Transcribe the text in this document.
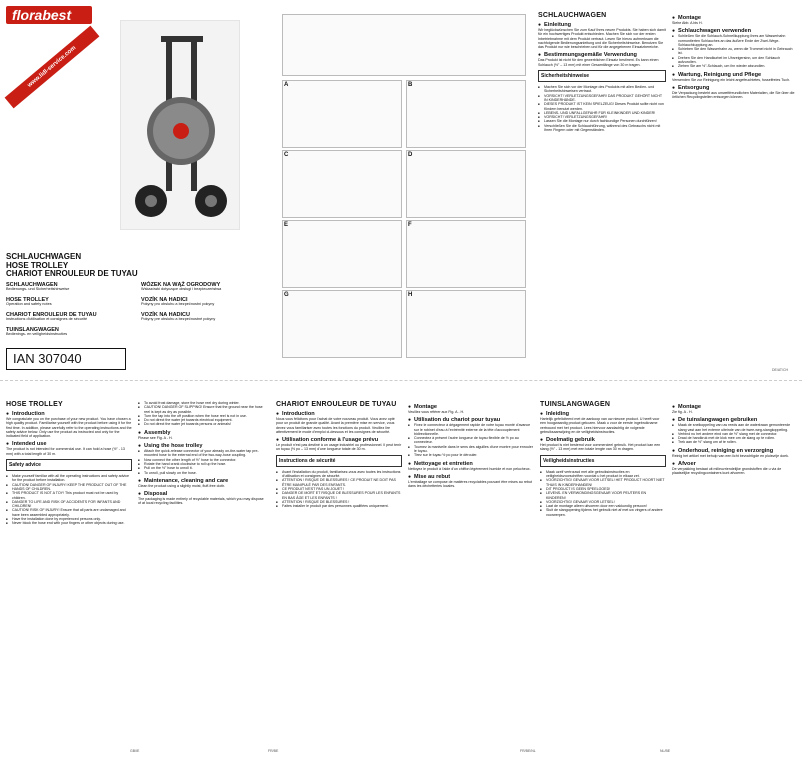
florabest
www.lidl-service.com
SCHLAUCHWAGEN
HOSE TROLLEY
CHARIOT ENROULEUR DE TUYAU
SCHLAUCHWAGEN
Bedienungs- und Sicherheitshinweise
HOSE TROLLEY
Operation and safety notes
CHARIOT ENROULEUR DE TUYAU
Instructions d'utilisation et consignes de sécurité
TUINSLANGWAGEN
Bedienings- en veiligheidsinstructies
WÓZEK NA WĄŻ OGRODOWY
Wskazówki dotyczące obsługi i bezpieczeństwa
VOZÍK NA HADICI
Pokyny pro obsluhu a bezpečnostní pokyny
VOZÍK NA HADICU
Pokyny pre obsluhu a bezpečnostné pokyny
IAN 307040
A	B
C	D
E	F
G	H
SCHLAUCHWAGEN
● Einleitung

Wir beglückwünschen Sie zum Kauf Ihres neuen Produkts. Sie haben sich damit für ein hochwertiges Produkt entschieden. Machen Sie sich vor der ersten Inbetriebnahme mit dem Produkt vertraut. Lesen Sie hierzu aufmerksam die nachfolgende Bedienungsanleitung und die Sicherheitshinweise. Benutzen Sie das Produkt nur wie beschrieben und für die angegebenen Einsatzbereiche.

● Bestimmungsgemäße Verwendung

Das Produkt ist nicht für den gewerblichen Einsatz bestimmt. Es kann einen Schlauch (½" – 13 mm) mit einer Gesamtlänge von 30 m tragen.

Sicherheitshinweise
■ Machen Sie sich vor der Montage des Produkts mit allen Bedien- und Sicherheitshinweisen vertraut.
■ VORSICHT! VERLETZUNGSGEFAHR! DAS PRODUKT GEHÖRT NICHT IN KINDERHÄNDE.
■ DIESES PRODUKT IST KEIN SPIELZEUG! Dieses Produkt sollte nicht von Kindern benutzt werden.
■ LEBENS- UND UNFALLGEFAHR FÜR KLEINKINDER UND KINDER!
■ VORSICHT! VERLETZUNGSGEFAHR!
■ Lassen Sie die Montage nur durch fachkundige Personen durchführen!
■ Verschließen Sie die Schlauchführung, während des Gebrauchs nicht mit Ihren Fingern oder mit Gegenständen.
● Montage

Siehe Abb. A bis H.

● Schlauchwagen verwenden
■ Schließen Sie die Schlauch-Schnellkupplung Ihres am Wasserhahn vormontierten Schlauches an das äußere Ende der Zwei-Wege-Schlauchkupplung an.
■ Schieben Sie den Wasserhahn zu, wenn die Trommel nicht in Gebrauch ist.
■ Drehen Sie den Handkurbel im Uhrzeigersinn, um den Schlauch aufzurollen.
■ Ziehen Sie am ½"-Schlauch, um ihn wieder abzurollen.
● Wartung, Reinigung und Pflege

Verwenden Sie zur Reinigung ein leicht angefeuchtetes, fusselfreies Tuch.

● Entsorgung

Die Verpackung besteht aus umweltfreundlichen Materialien, die Sie über die örtlichen Recyclingstellen entsorgen können.

DE/AT/CH
HOSE TROLLEY
● Introduction

We congratulate you on the purchase of your new product. You have chosen a high quality product. Familiarise yourself with the product before using it for the first time. In addition, please carefully refer to the operating instructions and the safety advice below. Only use the product as instructed and only for the indicated field of application.

● Intended use

The product is not intended for commercial use. It can hold a hose (½" - 13 mm) with a total length of 30 m.

Safety advice
■ Make yourself familiar with all the operating instructions and safety advice for the product before installation.
■ CAUTION! DANGER OF INJURY! KEEP THE PRODUCT OUT OF THE HANDS OF CHILDREN.
■ THIS PRODUCT IS NOT A TOY! This product must not be used by children.
■ DANGER TO LIFE AND RISK OF ACCIDENTS FOR INFANTS AND CHILDREN!
■ CAUTION! RISK OF INJURY! Ensure that all parts are undamaged and have been assembled appropriately.
■ Have the installation done by experienced persons only.
■ Never block the hose end with your fingers or other objects during use.
■ To avoid frost damage, store the hose reel dry during winter.
■ CAUTION! DANGER OF SLIPPING! Ensure that the ground near the hose reel is kept as dry as possible.
■ Turn the tap into the off position when the hose reel is not in use.
■ Do not direct the water jet towards electrical equipment.
■ Do not direct the water jet towards persons or animals!
● Assembly

Please see Fig. A - H.

● Using the hose trolley
■ Attach the quick-release connector of your already on-the-water tap pre-mounted hose to the external end of the two-way-hose coupling.
■ Now connect the other length of ½" hose to the connector.
■ Rotate the hand crank clockwise to roll up the hose.
■ Pull on the ½" hose to unroll it.
■ To unroll, pull slowly on the hose.
● Maintenance, cleaning and care

Clean the product using a slightly moist, fluff-free cloth.

● Disposal

The packaging is made entirely of recyclable materials, which you may dispose of at local recycling facilities.

CHARIOT ENROULEUR DE TUYAU
● Introduction

Nous vous félicitons pour l'achat de votre nouveau produit. Vous avez opté pour un produit de grande qualité. Avant la première mise en service, vous devez vous familiariser avec toutes les fonctions du produit. Veuillez lire attentivement le mode d'emploi ci-dessous et les consignes de sécurité.

● Utilisation conforme à l'usage prévu

Le produit n'est pas destiné à un usage industriel ou professionnel. Il peut tenir un tuyau (½ po – 13 mm) d'une longueur totale de 30 m.

Instructions de sécurité
■ Avant l'installation du produit, familiarisez-vous avec toutes les instructions d'utilisation et consignes de sécurité.
■ ATTENTION ! RISQUE DE BLESSURES ! CE PRODUIT NE DOIT PAS ÊTRE MANIPULÉ PAR DES ENFANTS.
■ CE PRODUIT N'EST PAS UN JOUET !
■ DANGER DE MORT ET RISQUE DE BLESSURES POUR LES ENFANTS EN BAS ÂGE ET LES ENFANTS !
■ ATTENTION ! RISQUE DE BLESSURES !
■ Faites installer le produit par des personnes qualifiées uniquement.
● Montage

Veuillez vous référer aux Fig. A - H.

● Utilisation du chariot pour tuyau
■ Fixez le connecteur à dégagement rapide de votre tuyau monté d'avance sur le robinet d'eau à l'extrémité externe de la tête d'accouplement bidirectionnelle.
■ Connectez à présent l'autre longueur de tuyau flexible de ½ po au connecteur.
■ Tournez la manivelle dans le sens des aiguilles d'une montre pour enrouler le tuyau.
■ Tirez sur le tuyau ½ po pour le dérouler.
● Nettoyage et entretien

Nettoyez le produit à l'aide d'un chiffon légèrement humide et non pelucheux.

● Mise au rebut

L'emballage se compose de matières recyclables pouvant être mises au rebut dans les déchetteries locales.

TUINSLANGWAGEN
● Inleiding

Hartelijk gefeliciteerd met de aankoop van uw nieuwe product. U heeft voor een hoogwaardig product gekozen. Maak u voor de eerste ingebruikname vertrouwd met het product. Lees hiervoor aandachtig de volgende gebruiksaanwijzing en de veiligheidsinstructies.

● Doelmatig gebruik

Het product is niet bestemd voor commercieel gebruik. Het product kan een slang (½" - 13 mm) met een totale lengte van 30 m dragen.

Veiligheidsinstructies
■ Maak uzelf vertrouwd met alle gebruiksinstructies en veiligheidsvoorschriften voordat u het product in elkaar zet.
■ VOORZICHTIG! GEVAAR VOOR LETSEL! HET PRODUCT HOORT NIET THUIS IN KINDERHANDEN!
■ DIT PRODUCT IS GEEN SPEELGOED!
■ LEVENS- EN VERWONDINGSGEVAAR VOOR PEUTERS EN KINDEREN!
■ VOORZICHTIG! GEVAAR VOOR LETSEL!
■ Laat de montage alleen uitvoeren door een vakkundig persoon!
■ Sluit de slangopening tijdens het gebruik niet af met uw vingers of andere voorwerpen.
● Montage

Zie fig. A - H.

● De tuinslangwagen gebruiken
■ Maak de snelkoppeling van uw reeds aan de waterkraan gemonteerde slang vast aan het externe uiteinde van de twee-weg-slangkoppeling.
■ Verbind nu het andere eind van de ½" slang met de connector.
■ Draai de handkruk met de klok mee om de slang op te rollen.
■ Trek aan de ½" slang om af te rollen.
● Onderhoud, reiniging en verzorging

Reinig het artikel met behulp van een licht bevochtigde en pluisvrije doek.

● Afvoer

De verpakking bestaat uit milieuvriendelijke grondstoffen die u via de plaatselijke recyclingcontainers kunt afvoeren.

GB/IE	FR/BE	FR/BE/NL	NL/BE
